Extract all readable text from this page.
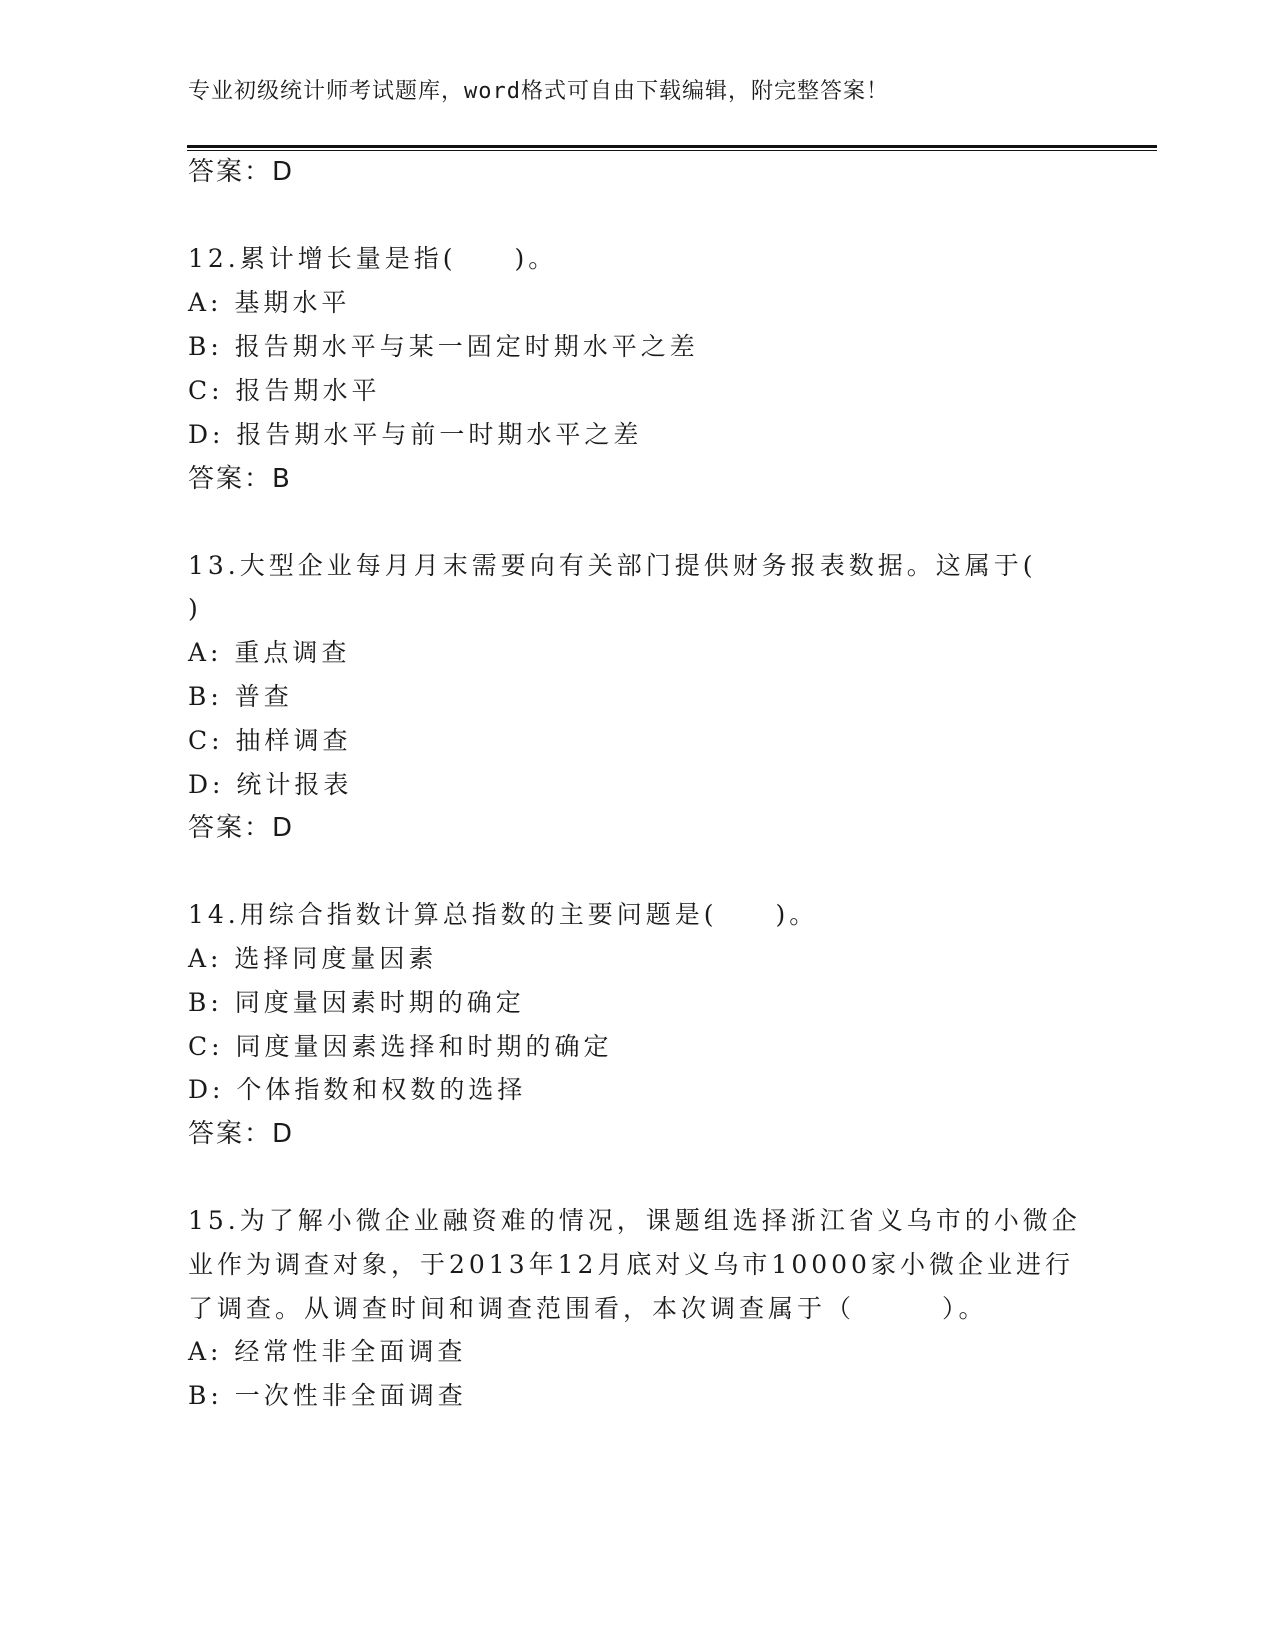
专业初级统计师考试题库，word格式可自由下载编辑，附完整答案！
答案：D
12.累计增长量是指(　　)。
A: 基期水平
B: 报告期水平与某一固定时期水平之差
C: 报告期水平
D: 报告期水平与前一时期水平之差
答案：B
13.大型企业每月月末需要向有关部门提供财务报表数据。这属于(
)
A: 重点调查
B: 普查
C: 抽样调查
D: 统计报表
答案：D
14.用综合指数计算总指数的主要问题是(　　)。
A: 选择同度量因素
B: 同度量因素时期的确定
C: 同度量因素选择和时期的确定
D: 个体指数和权数的选择
答案：D
15.为了解小微企业融资难的情况，课题组选择浙江省义乌市的小微企
业作为调查对象，于2013年12月底对义乌市10000家小微企业进行
了调查。从调查时间和调查范围看，本次调查属于（　　　）。
A: 经常性非全面调查
B: 一次性非全面调查
